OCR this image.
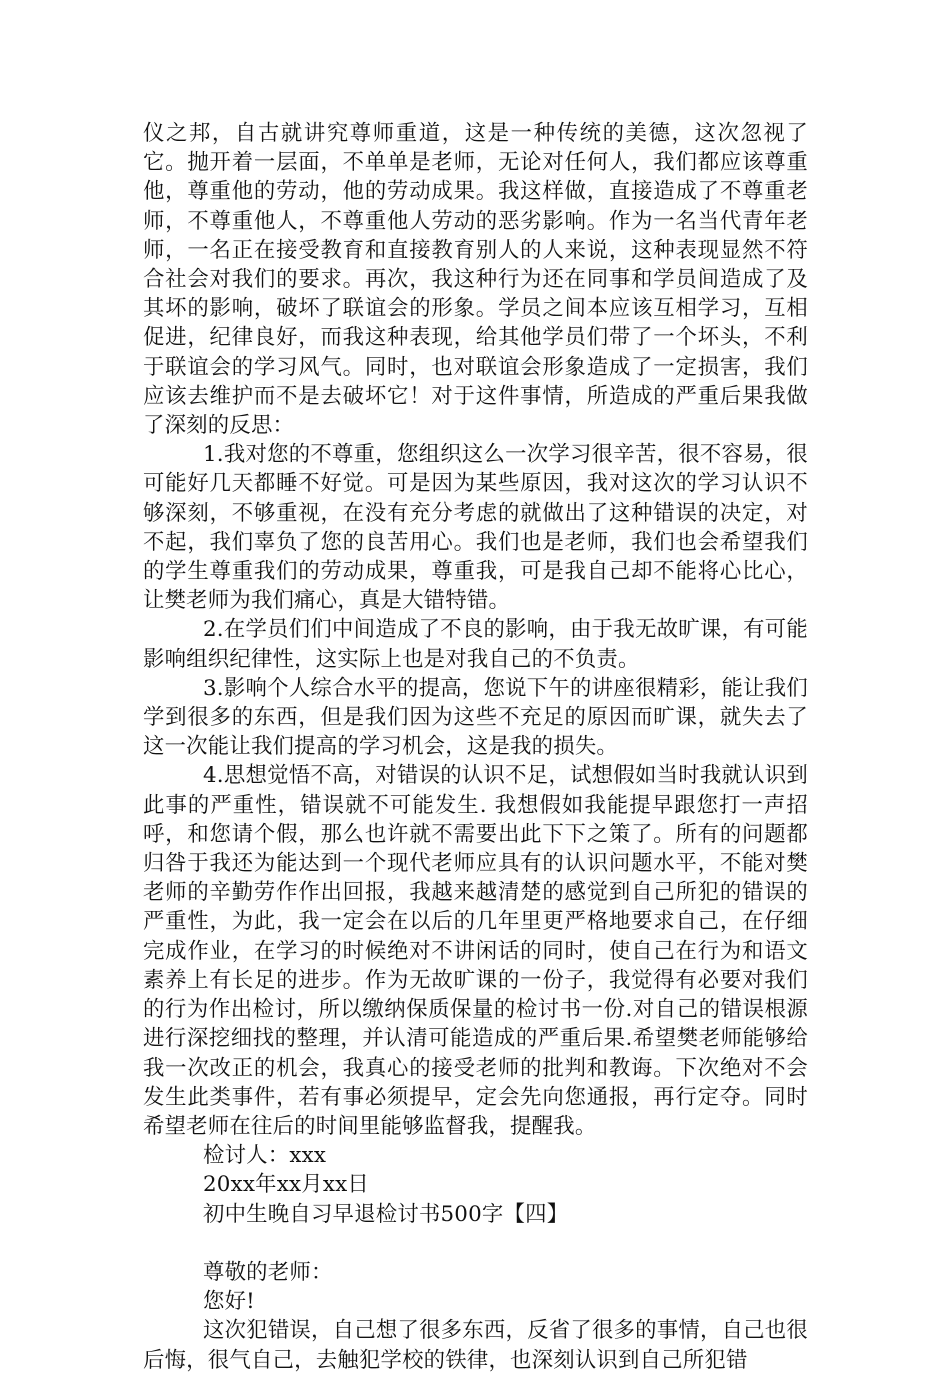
仪之邦，自古就讲究尊师重道，这是一种传统的美德，这次忽视了它。抛开着一层面，不单单是老师，无论对任何人，我们都应该尊重他，尊重他的劳动，他的劳动成果。我这样做，直接造成了不尊重老师，不尊重他人，不尊重他人劳动的恶劣影响。作为一名当代青年老师，一名正在接受教育和直接教育别人的人来说，这种表现显然不符合社会对我们的要求。再次，我这种行为还在同事和学员间造成了及其坏的影响，破坏了联谊会的形象。学员之间本应该互相学习，互相促进，纪律良好，而我这种表现，给其他学员们带了一个坏头，不利于联谊会的学习风气。同时，也对联谊会形象造成了一定损害，我们应该去维护而不是去破坏它！对于这件事情，所造成的严重后果我做了深刻的反思：

1.我对您的不尊重，您组织这么一次学习很辛苦，很不容易，很可能好几天都睡不好觉。可是因为某些原因，我对这次的学习认识不够深刻，不够重视，在没有充分考虑的就做出了这种错误的决定，对不起，我们辜负了您的良苦用心。我们也是老师，我们也会希望我们的学生尊重我们的劳动成果，尊重我，可是我自己却不能将心比心，让樊老师为我们痛心，真是大错特错。

2.在学员们们中间造成了不良的影响，由于我无故旷课，有可能影响组织纪律性，这实际上也是对我自己的不负责。

3.影响个人综合水平的提高，您说下午的讲座很精彩，能让我们学到很多的东西，但是我们因为这些不充足的原因而旷课，就失去了这一次能让我们提高的学习机会，这是我的损失。

4.思想觉悟不高，对错误的认识不足，试想假如当时我就认识到此事的严重性，错误就不可能发生. 我想假如我能提早跟您打一声招呼，和您请个假，那么也许就不需要出此下下之策了。所有的问题都归咎于我还为能达到一个现代老师应具有的认识问题水平，不能对樊老师的辛勤劳作作出回报，我越来越清楚的感觉到自己所犯的错误的严重性，为此，我一定会在以后的几年里更严格地要求自己，在仔细完成作业，在学习的时候绝对不讲闲话的同时，使自己在行为和语文素养上有长足的进步。作为无故旷课的一份子，我觉得有必要对我们的行为作出检讨，所以缴纳保质保量的检讨书一份.对自己的错误根源进行深挖细找的整理，并认清可能造成的严重后果.希望樊老师能够给我一次改正的机会，我真心的接受老师的批判和教诲。下次绝对不会发生此类事件，若有事必须提早，定会先向您通报，再行定夺。同时希望老师在往后的时间里能够监督我，提醒我。

检讨人：xxx

20xx年xx月xx日

初中生晚自习早退检讨书500字【四】

尊敬的老师：

您好!

这次犯错误，自己想了很多东西，反省了很多的事情，自己也很后悔，很气自己，去触犯学校的铁律，也深刻认识到自己所犯错
